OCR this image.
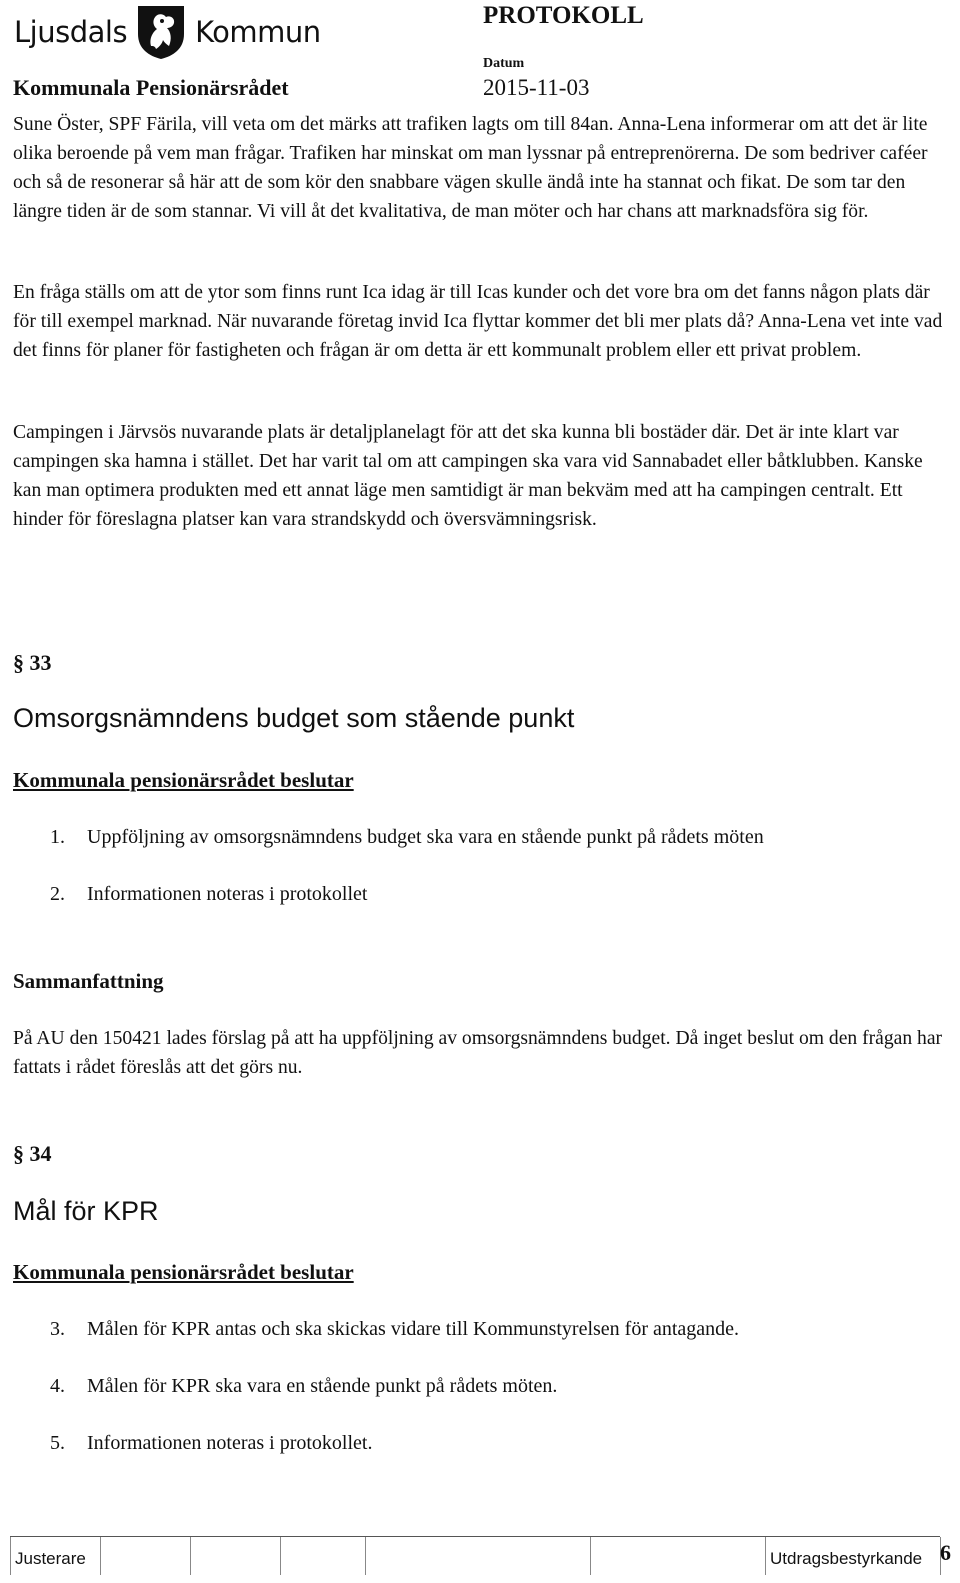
Ljusdals Kommun	PROTOKOLL
Datum
Kommunala Pensionärsrådet	2015-11-03

Sune Öster, SPF Färila, vill veta om det märks att trafiken lagts om till 84an. Anna-Lena informerar om att det är lite olika beroende på vem man frågar. Trafiken har minskat om man lyssnar på entreprenörerna. De som bedriver caféer och så de resonerar så här att de som kör den snabbare vägen skulle ändå inte ha stannat och fikat. De som tar den längre tiden är de som stannar. Vi vill åt det kvalitativa, de man möter och har chans att marknadsföra sig för.

En fråga ställs om att de ytor som finns runt Ica idag är till Icas kunder och det vore bra om det fanns någon plats där för till exempel marknad. När nuvarande företag invid Ica flyttar kommer det bli mer plats då? Anna-Lena vet inte vad det finns för planer för fastigheten och frågan är om detta är ett kommunalt problem eller ett privat problem.

Campingen i Järvsös nuvarande plats är detaljplanelagt för att det ska kunna bli bostäder där. Det är inte klart var campingen ska hamna i stället. Det har varit tal om att campingen ska vara vid Sannabadet eller båtklubben. Kanske kan man optimera produkten med ett annat läge men samtidigt är man bekväm med att ha campingen centralt. Ett hinder för föreslagna platser kan vara strandskydd och översvämningsrisk.

§ 33
Omsorgsnämndens budget som stående punkt
Kommunala pensionärsrådet beslutar
1. Uppföljning av omsorgsnämndens budget ska vara en stående punkt på rådets möten
2. Informationen noteras i protokollet
Sammanfattning

På AU den 150421 lades förslag på att ha uppföljning av omsorgsnämndens budget. Då inget beslut om den frågan har fattats i rådet föreslås att det görs nu.

§ 34
Mål för KPR
Kommunala pensionärsrådet beslutar
3. Målen för KPR antas och ska skickas vidare till Kommunstyrelsen för antagande.
4. Målen för KPR ska vara en stående punkt på rådets möten.
5. Informationen noteras i protokollet.
Justerare	Utdragsbestyrkande 6
